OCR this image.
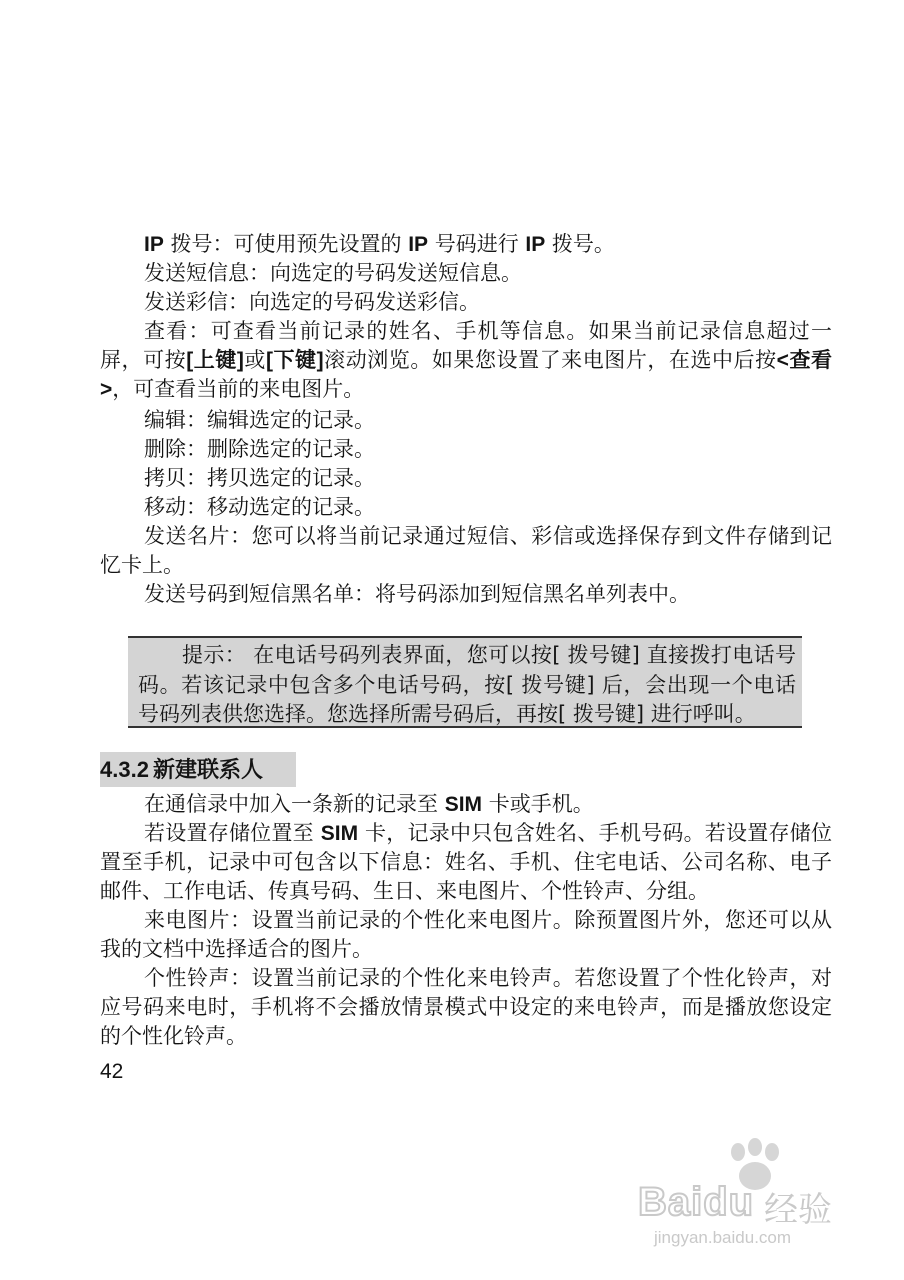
IP 拨号：可使用预先设置的 IP 号码进行 IP 拨号。

发送短信息：向选定的号码发送短信息。

发送彩信：向选定的号码发送彩信。

查看：可查看当前记录的姓名、手机等信息。如果当前记录信息超过一屏，可按[上键]或[下键]滚动浏览。如果您设置了来电图片，在选中后按<查看>，可查看当前的来电图片。

编辑：编辑选定的记录。

删除：删除选定的记录。

拷贝：拷贝选定的记录。

移动：移动选定的记录。

发送名片：您可以将当前记录通过短信、彩信或选择保存到文件存储到记忆卡上。

发送号码到短信黑名单：将号码添加到短信黑名单列表中。

提示： 在电话号码列表界面，您可以按[ 拨号键] 直接拨打电话号码。若该记录中包含多个电话号码，按[ 拨号键] 后，会出现一个电话号码列表供您选择。您选择所需号码后，再按[ 拨号键] 进行呼叫。

4.3.2 新建联系人

在通信录中加入一条新的记录至 SIM 卡或手机。

若设置存储位置至 SIM 卡，记录中只包含姓名、手机号码。若设置存储位置至手机，记录中可包含以下信息：姓名、手机、住宅电话、公司名称、电子邮件、工作电话、传真号码、生日、来电图片、个性铃声、分组。

来电图片：设置当前记录的个性化来电图片。除预置图片外，您还可以从我的文档中选择适合的图片。

个性铃声：设置当前记录的个性化来电铃声。若您设置了个性化铃声，对应号码来电时，手机将不会播放情景模式中设定的来电铃声，而是播放您设定的个性化铃声。

42
Baidu 经验
jingyan.baidu.com
